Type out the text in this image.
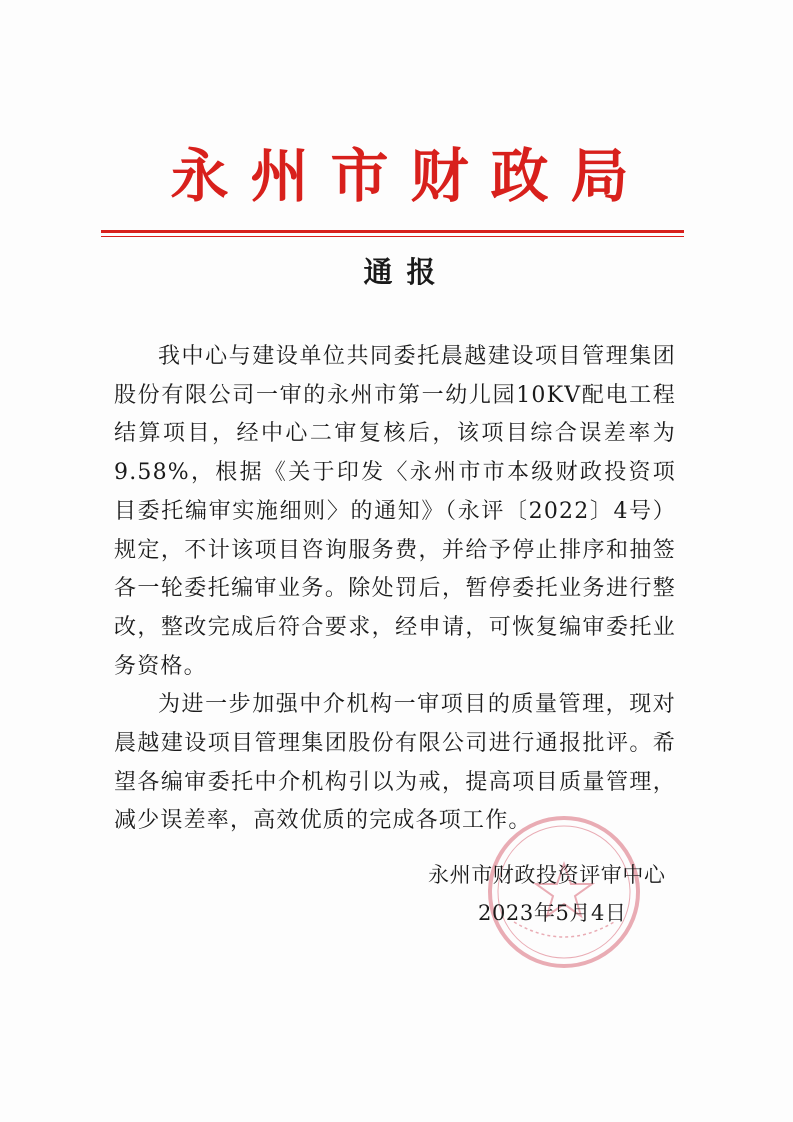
永州市财政局
通报

我中心与建设单位共同委托晨越建设项目管理集团股份有限公司一审的永州市第一幼儿园10KV配电工程结算项目，经中心二审复核后，该项目综合误差率为9.58%，根据《关于印发〈永州市市本级财政投资项目委托编审实施细则〉的通知》（永评〔2022〕4号）规定，不计该项目咨询服务费，并给予停止排序和抽签各一轮委托编审业务。除处罚后，暂停委托业务进行整改，整改完成后符合要求，经申请，可恢复编审委托业务资格。

为进一步加强中介机构一审项目的质量管理，现对晨越建设项目管理集团股份有限公司进行通报批评。希望各编审委托中介机构引以为戒，提高项目质量管理，减少误差率，高效优质的完成各项工作。

永州市财政投资评审中心
2023年5月4日
